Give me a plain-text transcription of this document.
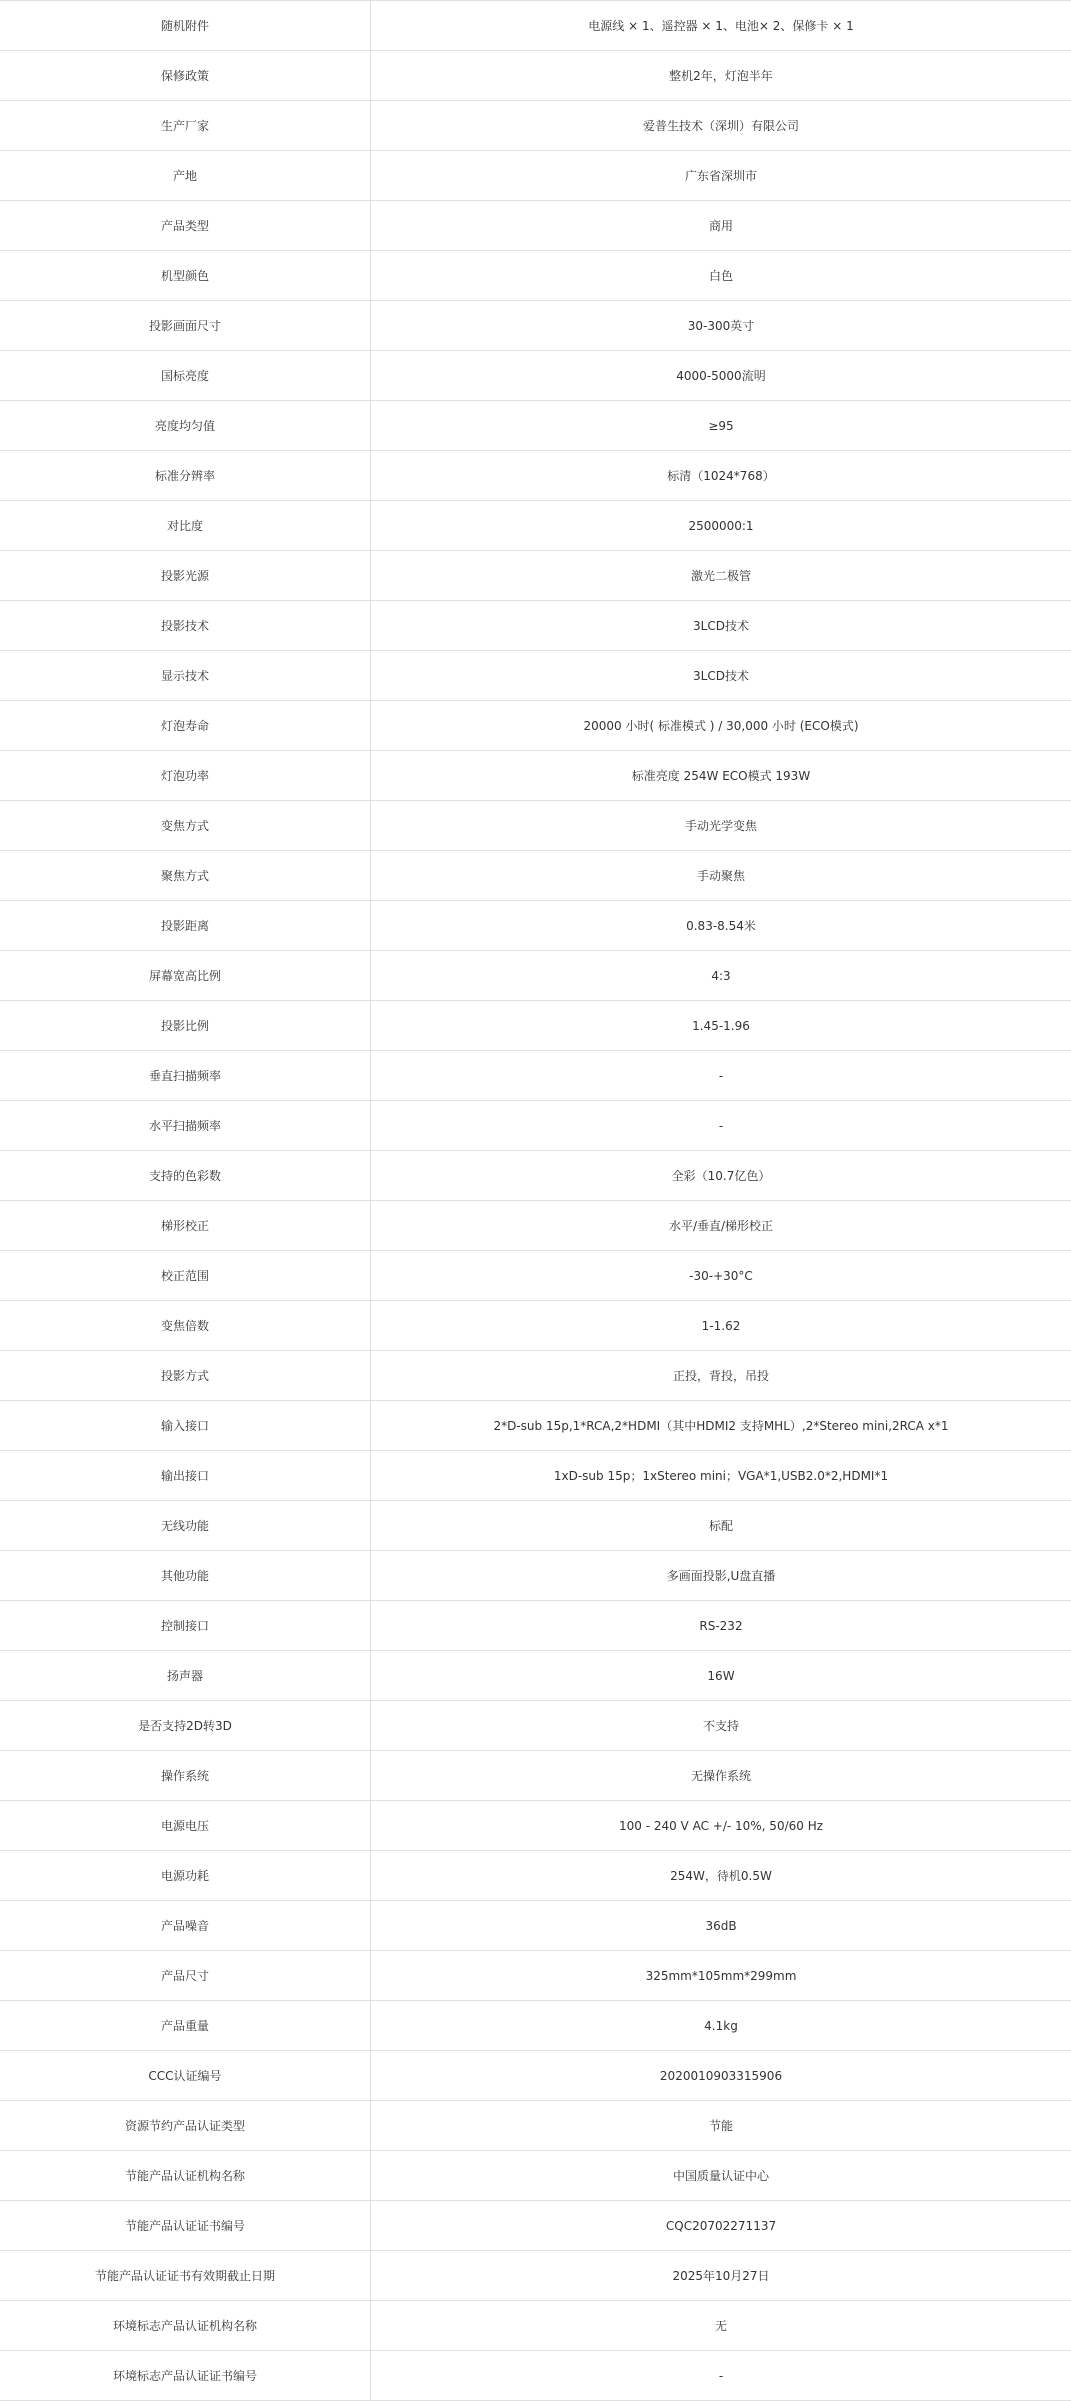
随机附件	电源线 × 1、遥控器 × 1、电池× 2、保修卡 × 1
保修政策	整机2年，灯泡半年
生产厂家	爱普生技术（深圳）有限公司
产地	广东省深圳市
产品类型	商用
机型颜色	白色
投影画面尺寸	30-300英寸
国标亮度	4000-5000流明
亮度均匀值	≥95
标准分辨率	标清（1024*768）
对比度	2500000:1
投影光源	激光二极管
投影技术	3LCD技术
显示技术	3LCD技术
灯泡寿命	20000 小时( 标准模式 ) / 30,000 小时 (ECO模式)
灯泡功率	标准亮度 254W ECO模式 193W
变焦方式	手动光学变焦
聚焦方式	手动聚焦
投影距离	0.83-8.54米
屏幕宽高比例	4:3
投影比例	1.45-1.96
垂直扫描频率	-
水平扫描频率	-
支持的色彩数	全彩（10.7亿色）
梯形校正	水平/垂直/梯形校正
校正范围	-30-+30°C
变焦倍数	1-1.62
投影方式	正投，背投，吊投
输入接口	2*D-sub 15p,1*RCA,2*HDMI（其中HDMI2 支持MHL）,2*Stereo mini,2RCA x*1
输出接口	1xD-sub 15p；1xStereo mini；VGA*1,USB2.0*2,HDMI*1
无线功能	标配
其他功能	多画面投影,U盘直播
控制接口	RS-232
扬声器	16W
是否支持2D转3D	不支持
操作系统	无操作系统
电源电压	100 - 240 V AC +/- 10%, 50/60 Hz
电源功耗	254W，待机0.5W
产品噪音	36dB
产品尺寸	325mm*105mm*299mm
产品重量	4.1kg
CCC认证编号	2020010903315906
资源节约产品认证类型	节能
节能产品认证机构名称	中国质量认证中心
节能产品认证证书编号	CQC20702271137
节能产品认证证书有效期截止日期	2025年10月27日
环境标志产品认证机构名称	无
环境标志产品认证证书编号	-
